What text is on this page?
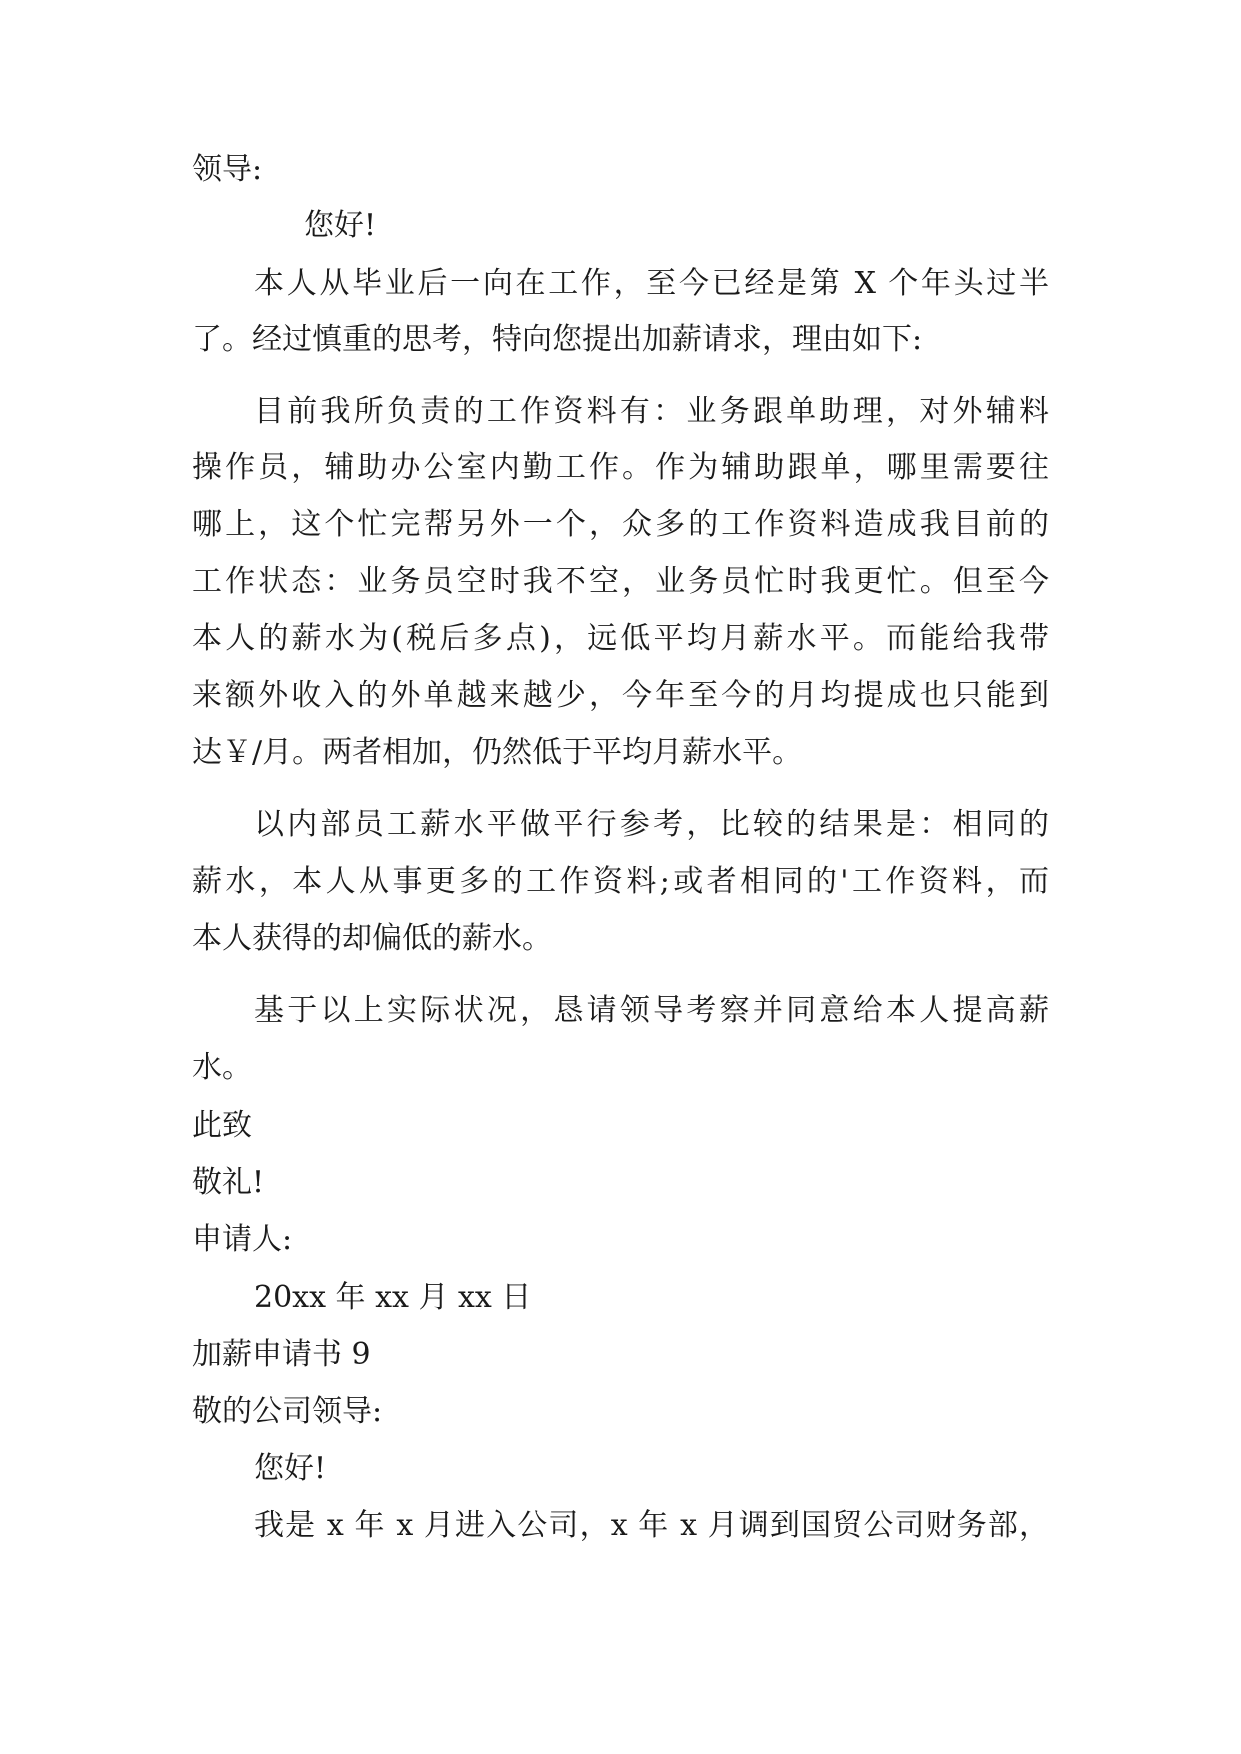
领导:
您好!
本人从毕业后一向在工作，至今已经是第 X 个年头过半
了。经过慎重的思考，特向您提出加薪请求，理由如下:
目前我所负责的工作资料有：业务跟单助理，对外辅料
操作员，辅助办公室内勤工作。作为辅助跟单，哪里需要往
哪上，这个忙完帮另外一个，众多的工作资料造成我目前的
工作状态：业务员空时我不空，业务员忙时我更忙。但至今
本人的薪水为(税后多点)，远低平均月薪水平。而能给我带
来额外收入的外单越来越少，今年至今的月均提成也只能到
达￥/月。两者相加，仍然低于平均月薪水平。
以内部员工薪水平做平行参考，比较的结果是：相同的
薪水，本人从事更多的工作资料;或者相同的'工作资料，而
本人获得的却偏低的薪水。
基于以上实际状况，恳请领导考察并同意给本人提高薪
水。
此致
敬礼!
申请人:
20xx 年 xx 月 xx 日
加薪申请书 9
敬的公司领导:
您好!
我是 x 年 x 月进入公司，x 年 x 月调到国贸公司财务部，
